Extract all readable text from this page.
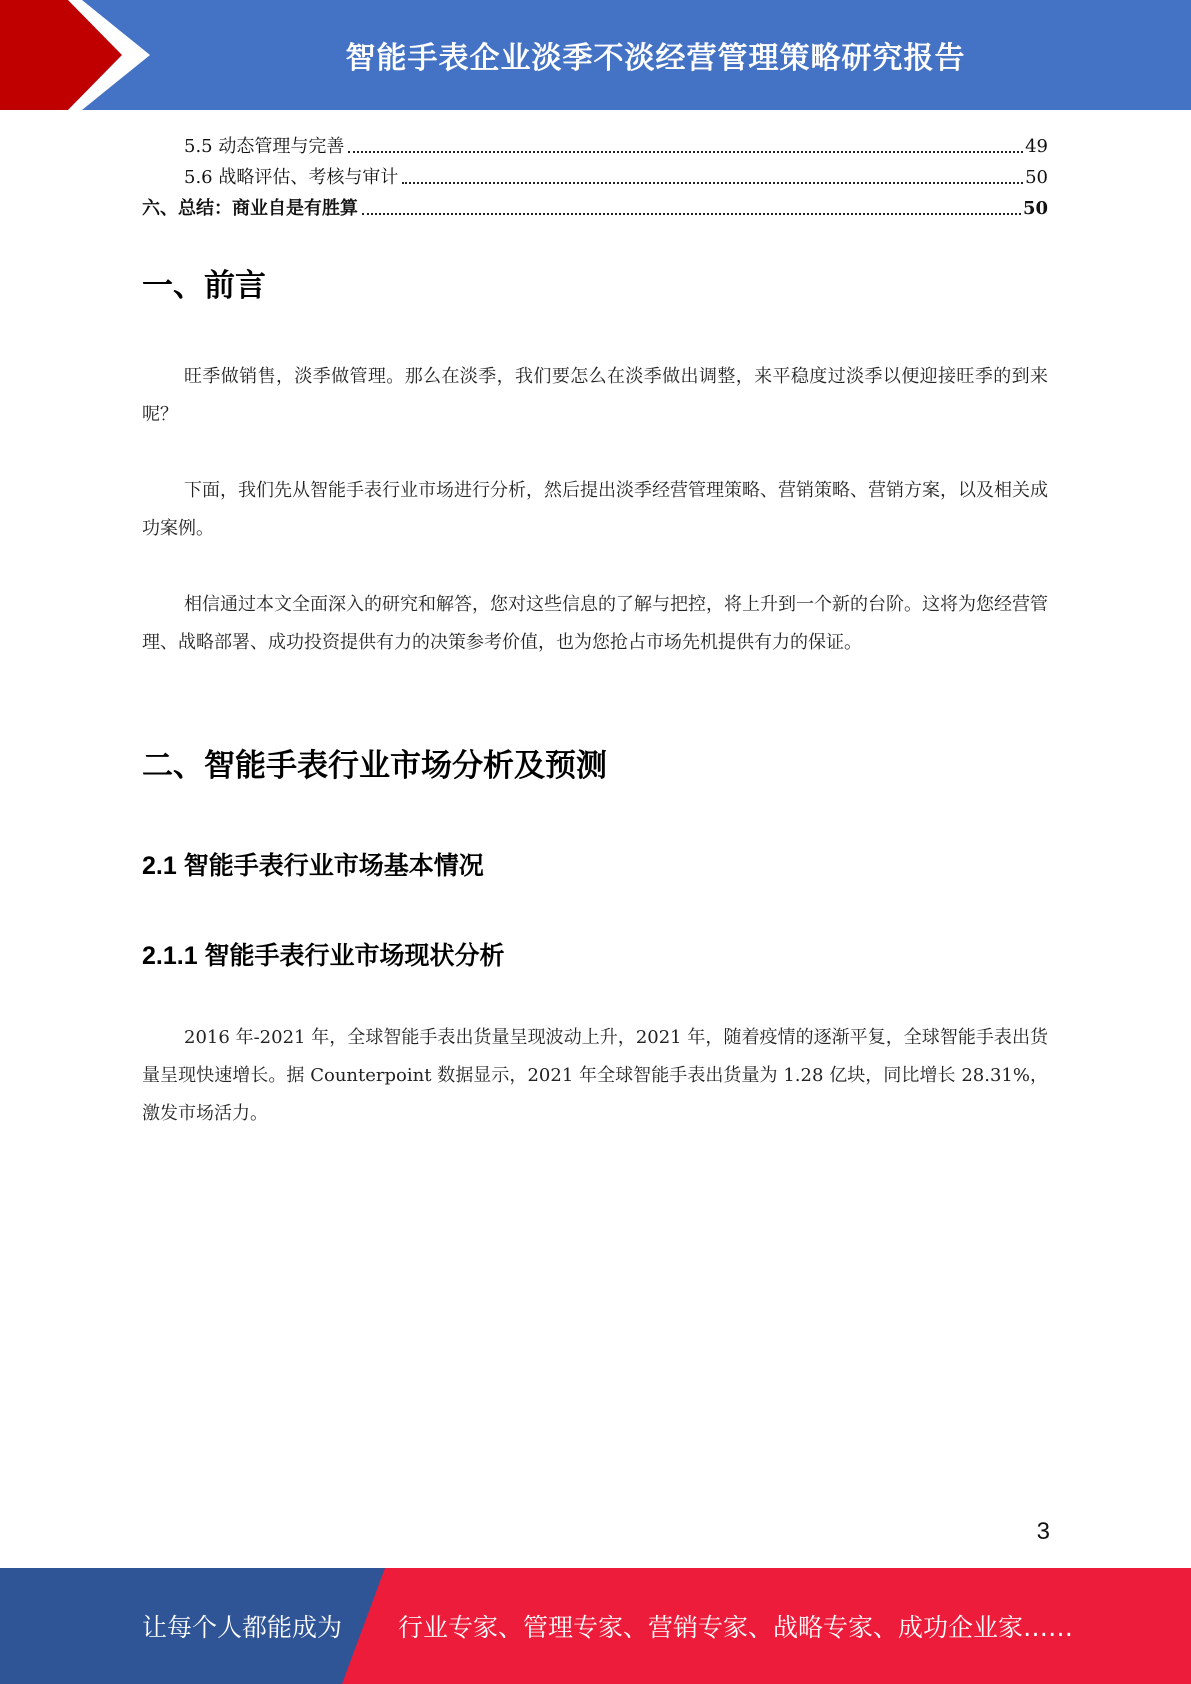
智能手表企业淡季不淡经营管理策略研究报告
5.5 动态管理与完善	49
5.6 战略评估、考核与审计	50
六、总结：商业自是有胜算	50
一、前言

旺季做销售，淡季做管理。那么在淡季，我们要怎么在淡季做出调整，来平稳度过淡季以便迎接旺季的到来呢？

下面，我们先从智能手表行业市场进行分析，然后提出淡季经营管理策略、营销策略、营销方案，以及相关成功案例。

相信通过本文全面深入的研究和解答，您对这些信息的了解与把控，将上升到一个新的台阶。这将为您经营管理、战略部署、成功投资提供有力的决策参考价值，也为您抢占市场先机提供有力的保证。

二、智能手表行业市场分析及预测
2.1 智能手表行业市场基本情况
2.1.1 智能手表行业市场现状分析

2016 年-2021 年，全球智能手表出货量呈现波动上升，2021 年，随着疫情的逐渐平复，全球智能手表出货量呈现快速增长。据 Counterpoint 数据显示，2021 年全球智能手表出货量为 1.28 亿块，同比增长 28.31%，激发市场活力。

3
让每个人都能成为 行业专家、管理专家、营销专家、战略专家、成功企业家……
